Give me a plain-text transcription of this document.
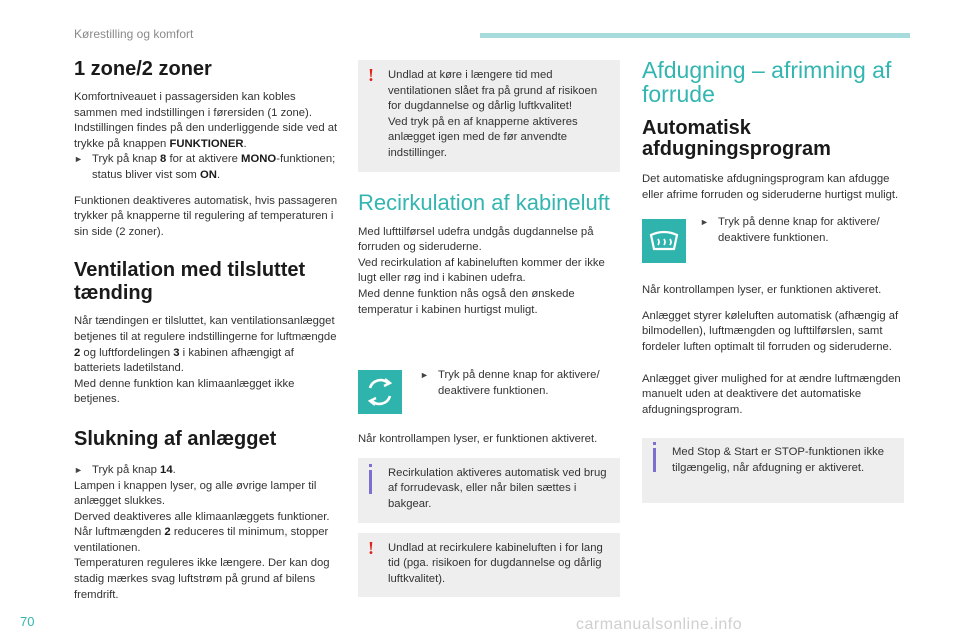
Kørestilling og komfort
1 zone/2 zoner

Komfortniveauet i passagersiden kan kobles sammen med indstillingen i førersiden (1 zone). Indstillingen findes på den underliggende side ved at trykke på knappen FUNKTIONER.

► Tryk på knap 8 for at aktivere MONO-funktionen; status bliver vist som ON.

Funktionen deaktiveres automatisk, hvis passageren trykker på knapperne til regulering af temperaturen i sin side (2 zoner).

Ventilation med tilsluttet tænding

Når tændingen er tilsluttet, kan ventilationsanlægget betjenes til at regulere indstillingerne for luftmængde 2 og luftfordelingen 3 i kabinen afhængigt af batteriets ladetilstand.

Med denne funktion kan klimaanlægget ikke betjenes.

Slukning af anlægget
► Tryk på knap 14.

Lampen i knappen lyser, og alle øvrige lamper til anlægget slukkes.

Derved deaktiveres alle klimaanlæggets funktioner.

Når luftmængden 2 reduceres til minimum, stopper ventilationen.

Temperaturen reguleres ikke længere. Der kan dog stadig mærkes svag luftstrøm på grund af bilens fremdrift.

!	Undlad at køre i længere tid med ventilationen slået fra på grund af risikoen for dugdannelse og dårlig luftkvalitet!
Ved tryk på en af knapperne aktiveres anlægget igen med de før anvendte indstillinger.
Recirkulation af kabineluft

Med lufttilførsel udefra undgås dugdannelse på forruden og sideruderne.

Ved recirkulation af kabineluften kommer der ikke lugt eller røg ind i kabinen udefra.

Med denne funktion nås også den ønskede temperatur i kabinen hurtigst muligt.

► Tryk på denne knap for aktivere/ deaktivere funktionen.

Når kontrollampen lyser, er funktionen aktiveret.

Recirkulation aktiveres automatisk ved brug af forrudevask, eller når bilen sættes i bakgear.
!	Undlad at recirkulere kabineluften i for lang tid (pga. risikoen for dugdannelse og dårlig luftkvalitet).
Afdugning – afrimning af forrude
Automatisk afdugningsprogram

Det automatiske afdugningsprogram kan afdugge eller afrime forruden og sideruderne hurtigst muligt.

► Tryk på denne knap for aktivere/ deaktivere funktionen.

Når kontrollampen lyser, er funktionen aktiveret.

Anlægget styrer køleluften automatisk (afhængig af bilmodellen), luftmængden og lufttilførslen, samt fordeler luften optimalt til forruden og sideruderne.

Anlægget giver mulighed for at ændre luftmængden manuelt uden at deaktivere det automatiske afdugningsprogram.

Med Stop & Start er STOP-funktionen ikke tilgængelig, når afdugning er aktiveret.
70	carmanualsonline.info
